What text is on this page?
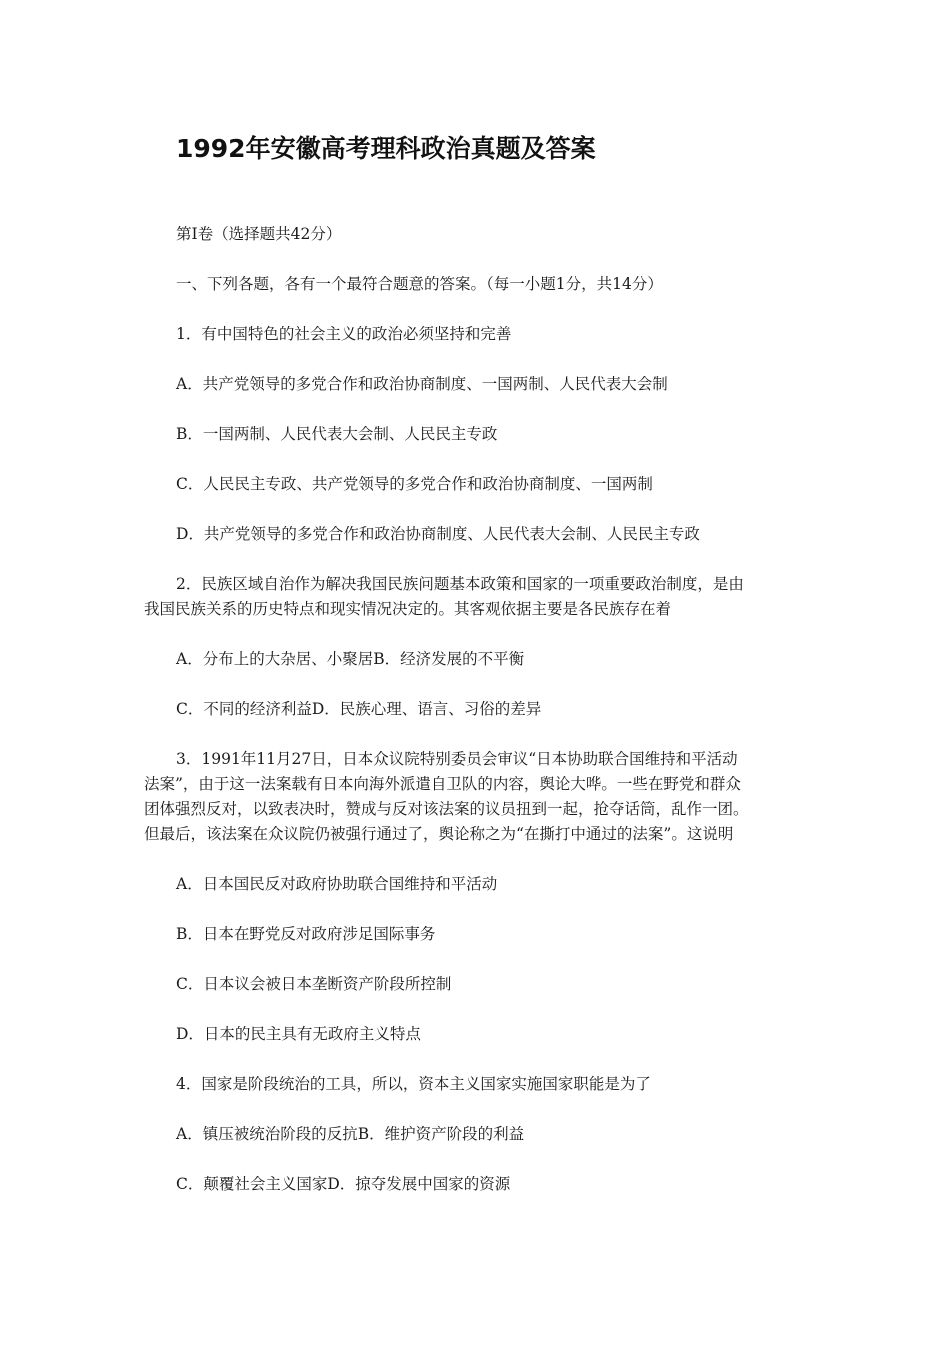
1992年安徽高考理科政治真题及答案
第I卷（选择题共42分）
一、下列各题，各有一个最符合题意的答案。（每一小题1分，共14分）
1．有中国特色的社会主义的政治必须坚持和完善
A．共产党领导的多党合作和政治协商制度、一国两制、人民代表大会制
B．一国两制、人民代表大会制、人民民主专政
C．人民民主专政、共产党领导的多党合作和政治协商制度、一国两制
D．共产党领导的多党合作和政治协商制度、人民代表大会制、人民民主专政
2．民族区域自治作为解决我国民族问题基本政策和国家的一项重要政治制度，是由
我国民族关系的历史特点和现实情况决定的。其客观依据主要是各民族存在着
A．分布上的大杂居、小聚居B．经济发展的不平衡
C．不同的经济利益D．民族心理、语言、习俗的差异
3．1991年11月27日，日本众议院特别委员会审议“日本协助联合国维持和平活动
法案”，由于这一法案载有日本向海外派遣自卫队的内容，舆论大哗。一些在野党和群众
团体强烈反对，以致表决时，赞成与反对该法案的议员扭到一起，抢夺话筒，乱作一团。
但最后，该法案在众议院仍被强行通过了，舆论称之为“在撕打中通过的法案”。这说明
A．日本国民反对政府协助联合国维持和平活动
B．日本在野党反对政府涉足国际事务
C．日本议会被日本垄断资产阶段所控制
D．日本的民主具有无政府主义特点
4．国家是阶段统治的工具，所以，资本主义国家实施国家职能是为了
A．镇压被统治阶段的反抗B．维护资产阶段的利益
C．颠覆社会主义国家D．掠夺发展中国家的资源
